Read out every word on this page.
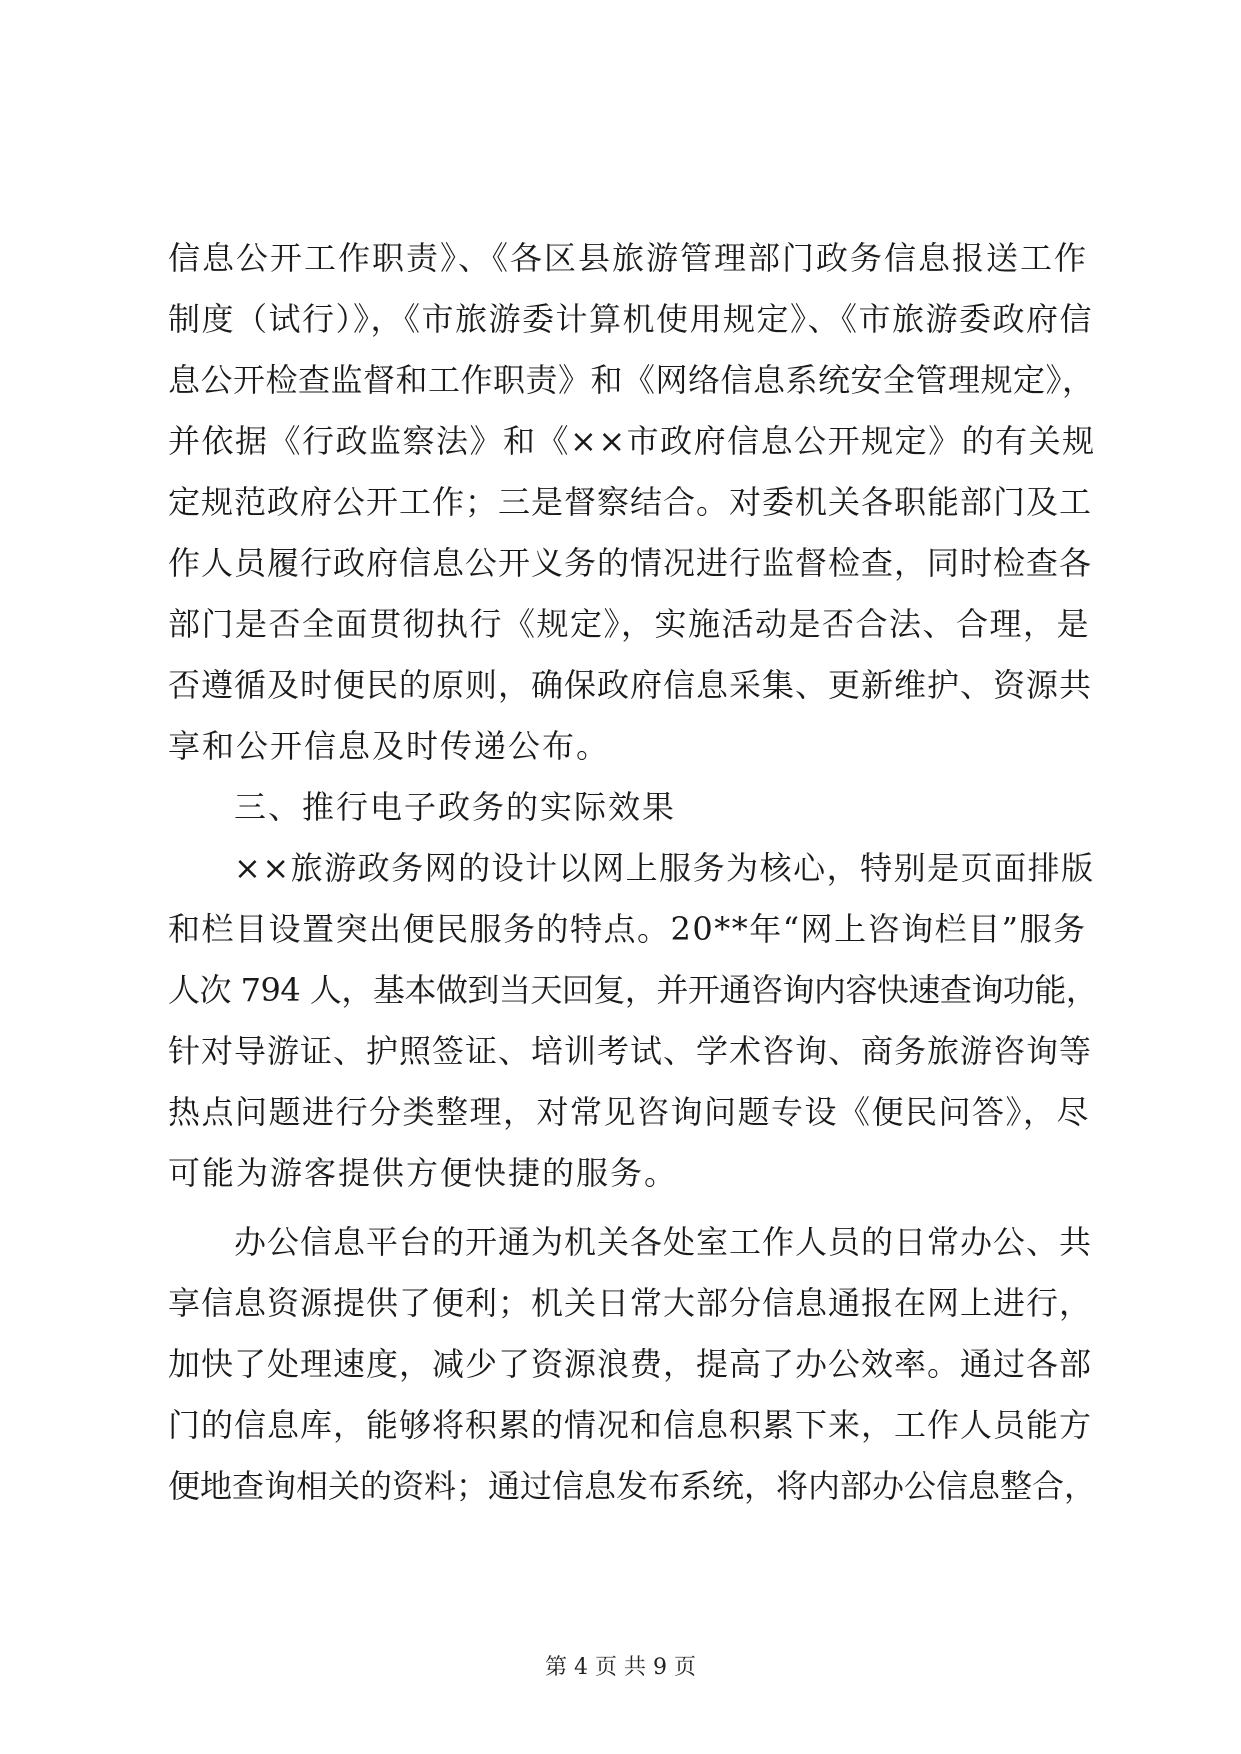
信息公开工作职责》、《各区县旅游管理部门政务信息报送工作
制度（试行）》，《市旅游委计算机使用规定》、《市旅游委政府信
息公开检查监督和工作职责》和《网络信息系统安全管理规定》，
并依据《行政监察法》和《××市政府信息公开规定》的有关规
定规范政府公开工作；三是督察结合。对委机关各职能部门及工
作人员履行政府信息公开义务的情况进行监督检查，同时检查各
部门是否全面贯彻执行《规定》，实施活动是否合法、合理，是
否遵循及时便民的原则，确保政府信息采集、更新维护、资源共
享和公开信息及时传递公布。
三、推行电子政务的实际效果
××旅游政务网的设计以网上服务为核心，特别是页面排版
和栏目设置突出便民服务的特点。20**年“网上咨询栏目”服务
人次 794 人，基本做到当天回复，并开通咨询内容快速查询功能，
针对导游证、护照签证、培训考试、学术咨询、商务旅游咨询等
热点问题进行分类整理，对常见咨询问题专设《便民问答》，尽
可能为游客提供方便快捷的服务。
办公信息平台的开通为机关各处室工作人员的日常办公、共
享信息资源提供了便利；机关日常大部分信息通报在网上进行，
加快了处理速度，减少了资源浪费，提高了办公效率。通过各部
门的信息库，能够将积累的情况和信息积累下来，工作人员能方
便地查询相关的资料；通过信息发布系统，将内部办公信息整合，
第 4 页 共 9 页
